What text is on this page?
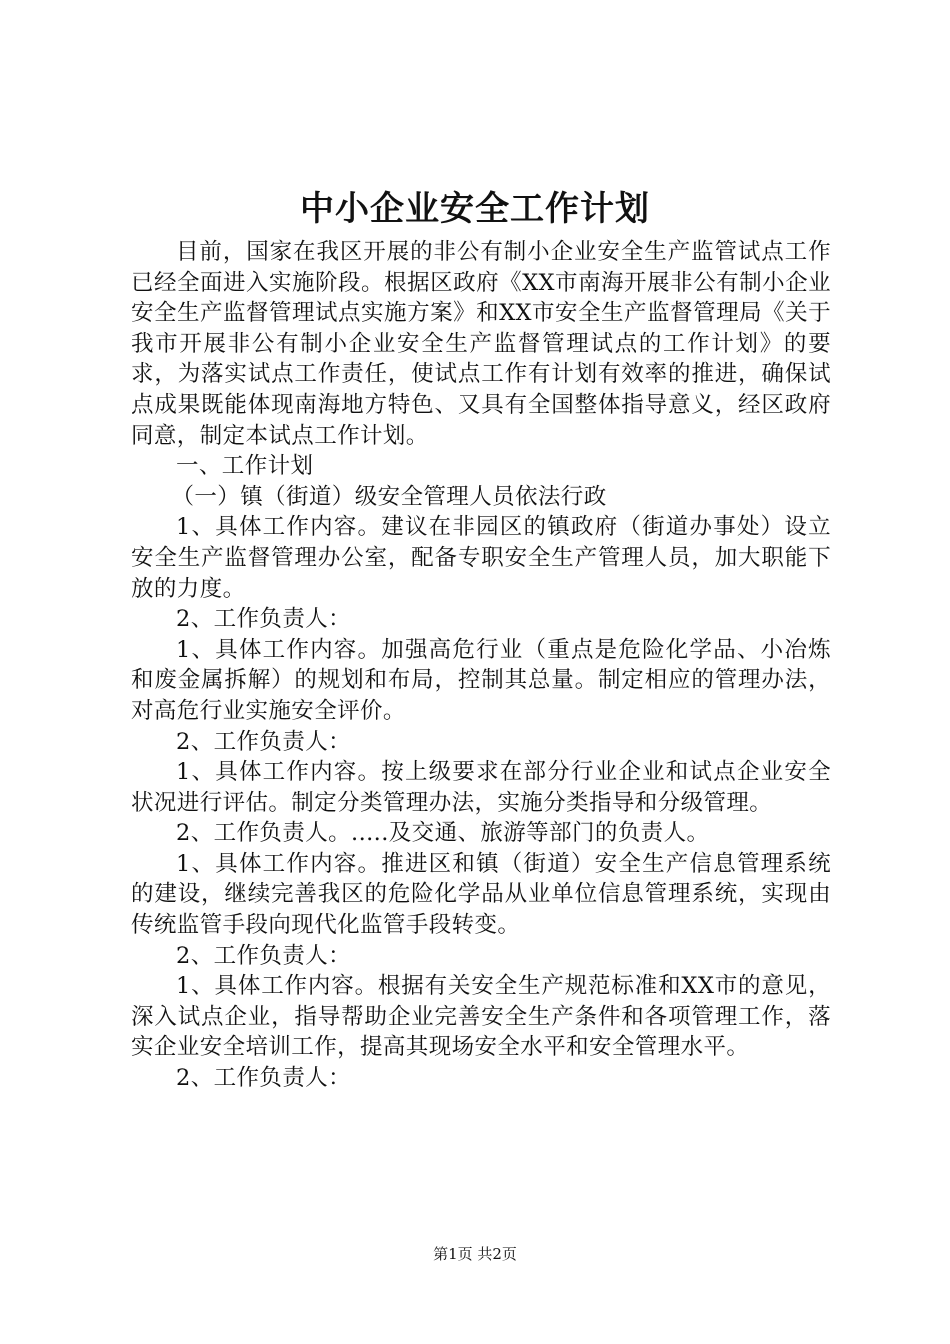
中小企业安全工作计划

目前，国家在我区开展的非公有制小企业安全生产监管试点工作已经全面进入实施阶段。根据区政府《XX市南海开展非公有制小企业安全生产监督管理试点实施方案》和XX市安全生产监督管理局《关于我市开展非公有制小企业安全生产监督管理试点的工作计划》的要求，为落实试点工作责任，使试点工作有计划有效率的推进，确保试点成果既能体现南海地方特色、又具有全国整体指导意义，经区政府同意，制定本试点工作计划。

一、工作计划

（一）镇（街道）级安全管理人员依法行政

1、具体工作内容。建议在非园区的镇政府（街道办事处）设立安全生产监督管理办公室，配备专职安全生产管理人员，加大职能下放的力度。

2、工作负责人：

1、具体工作内容。加强高危行业（重点是危险化学品、小冶炼和废金属拆解）的规划和布局，控制其总量。制定相应的管理办法，对高危行业实施安全评价。

2、工作负责人：

1、具体工作内容。按上级要求在部分行业企业和试点企业安全状况进行评估。制定分类管理办法，实施分类指导和分级管理。

2、工作负责人。.....及交通、旅游等部门的负责人。

1、具体工作内容。推进区和镇（街道）安全生产信息管理系统的建设，继续完善我区的危险化学品从业单位信息管理系统，实现由传统监管手段向现代化监管手段转变。

2、工作负责人：

1、具体工作内容。根据有关安全生产规范标准和XX市的意见，深入试点企业，指导帮助企业完善安全生产条件和各项管理工作，落实企业安全培训工作，提高其现场安全水平和安全管理水平。

2、工作负责人：

第1页 共2页
